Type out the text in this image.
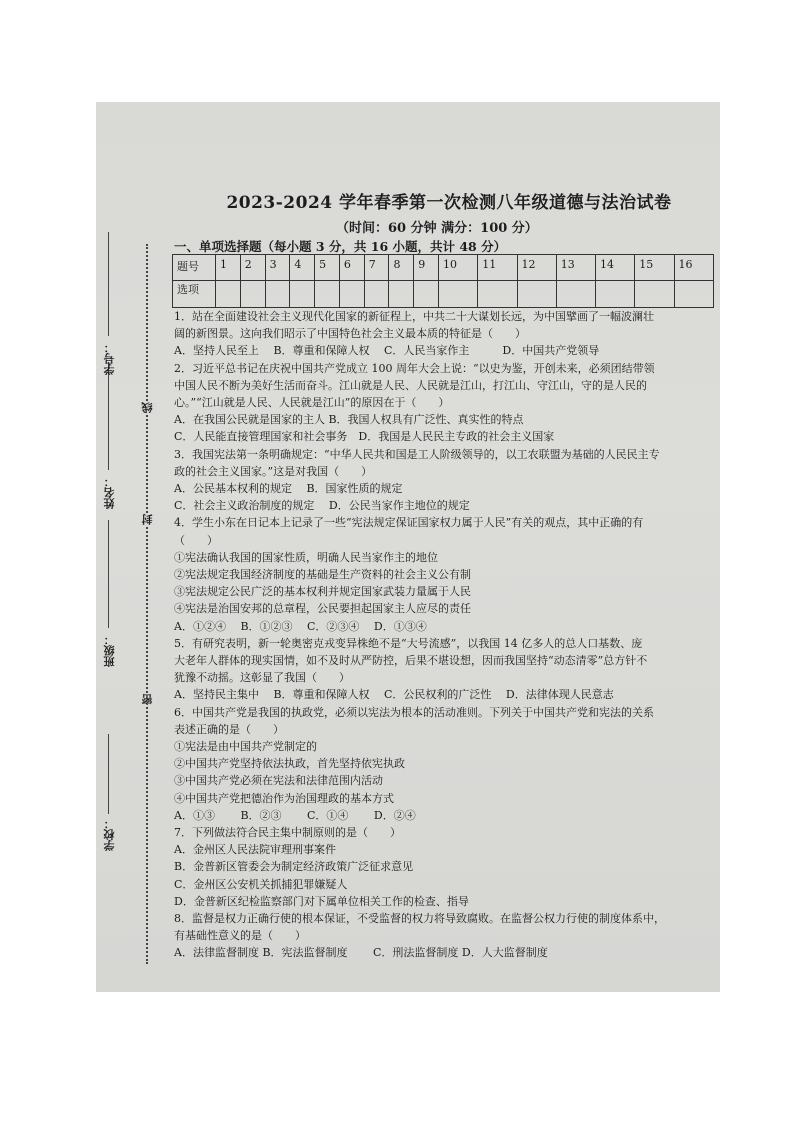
学校：
班级：
姓名：
学号：
线
封
密
2023-2024 学年春季第一次检测八年级道德与法治试卷
（时间：60 分钟 满分：100 分）
一、单项选择题（每小题 3 分，共 16 小题，共计 48 分）
题号	1	2	3	4	5	6	7	8	9	10	11	12	13	14	15	16
选项																
1．站在全面建设社会主义现代化国家的新征程上，中共二十大谋划长远，为中国擘画了一幅波澜壮
阔的新图景。这向我们昭示了中国特色社会主义最本质的特征是（　　）
A．坚持人民至上　 B．尊重和保障人权　 C．人民当家作主　　　D．中国共产党领导
2．习近平总书记在庆祝中国共产党成立 100 周年大会上说：“以史为鉴，开创未来，必须团结带领
中国人民不断为美好生活而奋斗。江山就是人民、人民就是江山，打江山、守江山，守的是人民的
心。”“江山就是人民、人民就是江山”的原因在于（　　）
A．在我国公民就是国家的主人 B．我国人权具有广泛性、真实性的特点
C．人民能直接管理国家和社会事务　D．我国是人民民主专政的社会主义国家
3．我国宪法第一条明确规定：“中华人民共和国是工人阶级领导的，以工农联盟为基础的人民民主专
政的社会主义国家。”这是对我国（　　）
A．公民基本权利的规定　 B．国家性质的规定
C．社会主义政治制度的规定　 D．公民当家作主地位的规定
4．学生小东在日记本上记录了一些“宪法规定保证国家权力属于人民”有关的观点，其中正确的有
（　　）
①宪法确认我国的国家性质，明确人民当家作主的地位
②宪法规定我国经济制度的基础是生产资料的社会主义公有制
③宪法规定公民广泛的基本权利并规定国家武装力量属于人民
④宪法是治国安邦的总章程，公民要担起国家主人应尽的责任
A．①②④　 B．①②③　 C．②③④　 D．①③④
5．有研究表明，新一轮奥密克戎变异株绝不是“大号流感”，以我国 14 亿多人的总人口基数、庞
大老年人群体的现实国情，如不及时从严防控，后果不堪设想，因而我国坚持“动态清零”总方针不
犹豫不动摇。这彰显了我国（　　）
A．坚持民主集中　 B．尊重和保障人权　 C．公民权利的广泛性　 D．法律体现人民意志
6．中国共产党是我国的执政党，必须以宪法为根本的活动准则。下列关于中国共产党和宪法的关系
表述正确的是（　　）
①宪法是由中国共产党制定的
②中国共产党坚持依法执政，首先坚持依宪执政
③中国共产党必须在宪法和法律范围内活动
④中国共产党把德治作为治国理政的基本方式
A．①③　　 B．②③　　 C．①④　　 D．②④
7．下列做法符合民主集中制原则的是（　　）
A．金州区人民法院审理刑事案件
B．金普新区管委会为制定经济政策广泛征求意见
C．金州区公安机关抓捕犯罪嫌疑人
D．金普新区纪检监察部门对下属单位相关工作的检查、指导
8．监督是权力正确行使的根本保证，不受监督的权力将导致腐败。在监督公权力行使的制度体系中，
有基础性意义的是（　　）
A．法律监督制度 B．宪法监督制度　　 C．刑法监督制度 D．人大监督制度
